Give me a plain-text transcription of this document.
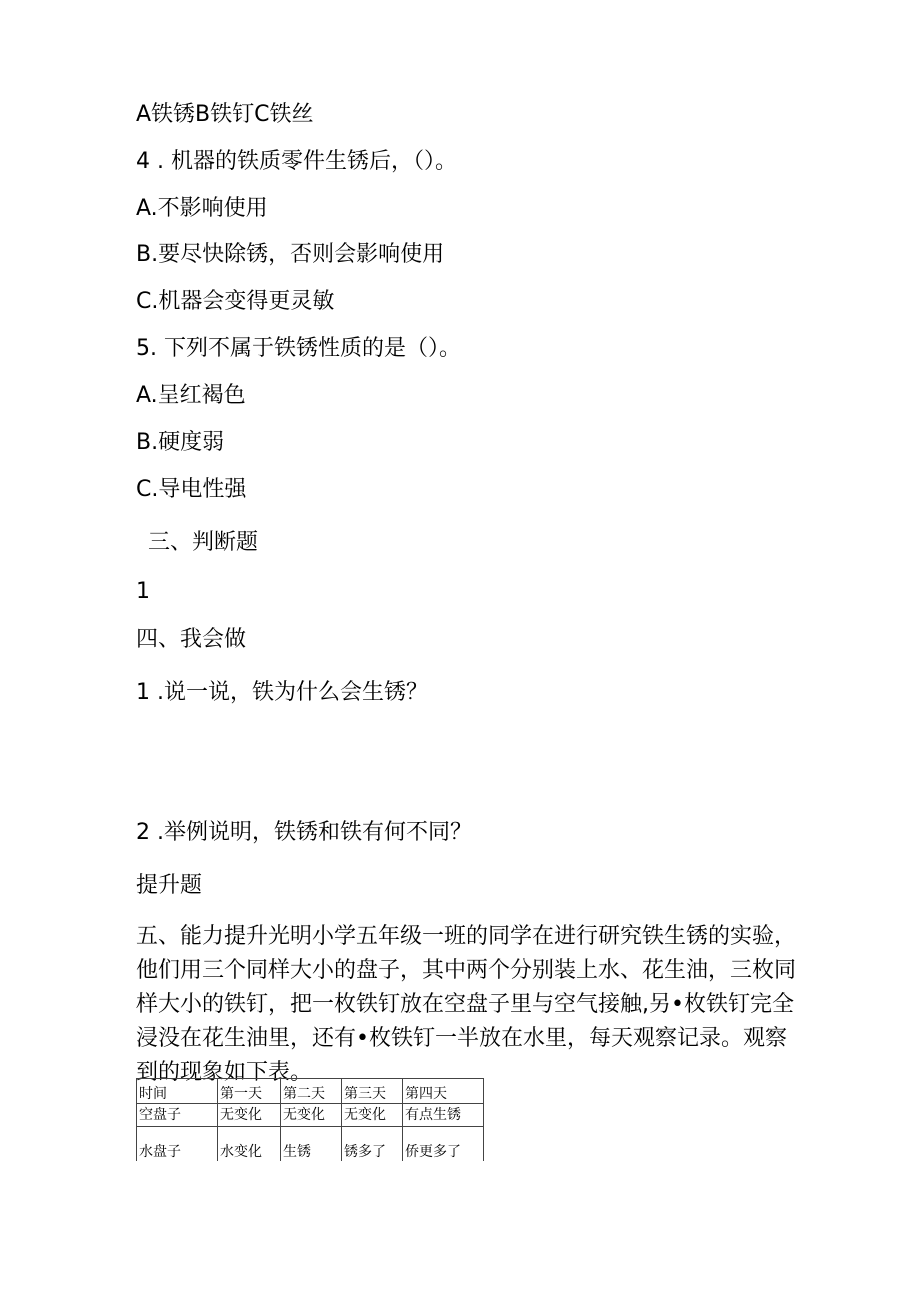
A铁锈B铁钉C铁丝
4 . 机器的铁质零件生锈后，（）。
A.不影响使用
B.要尽快除锈，否则会影响使用
C.机器会变得更灵敏
5. 下列不属于铁锈性质的是（）。
A.呈红褐色
B.硬度弱
C.导电性强
三、判断题
1
四、我会做
1 .说一说，铁为什么会生锈？
2 .举例说明，铁锈和铁有何不同？
提升题
五、能力提升光明小学五年级一班的同学在进行研究铁生锈的实验，他们用三个同样大小的盘子，其中两个分别装上水、花生油，三枚同样大小的铁钉，把一枚铁钉放在空盘子里与空气接触,另•枚铁钉完全浸没在花生油里，还有•枚铁钉一半放在水里，每天观察记录。观察到的现象如下表。
时间	第一天	第二天	第三天	第四天
空盘子	无变化	无变化	无变化	有点生锈
水盘子	水变化	生锈	锈多了	侨更多了
